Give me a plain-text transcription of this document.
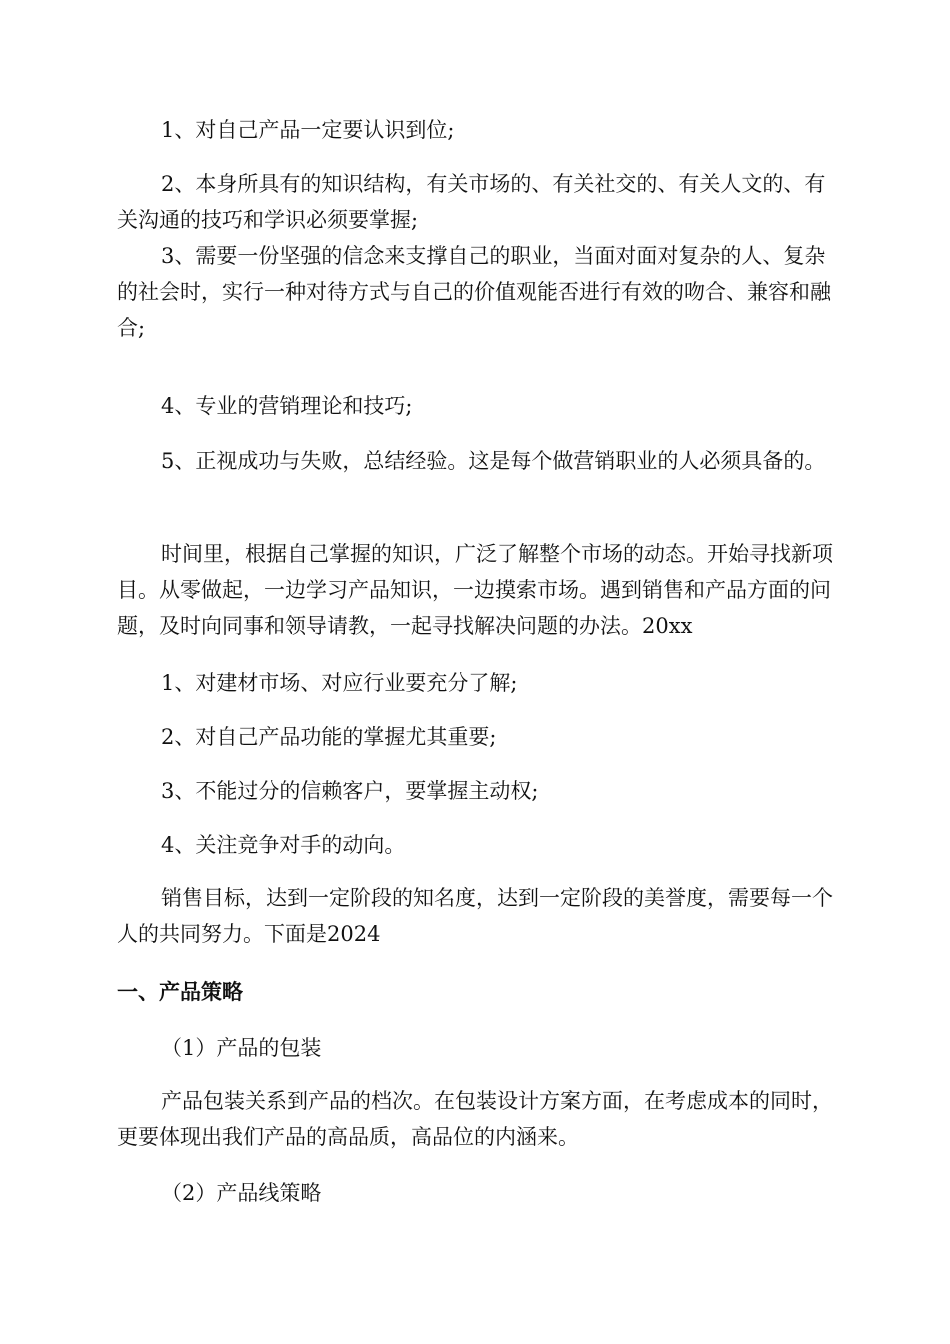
1、对自己产品一定要认识到位;

2、本身所具有的知识结构，有关市场的、有关社交的、有关人文的、有关沟通的技巧和学识必须要掌握;

3、需要一份坚强的信念来支撑自己的职业，当面对面对复杂的人、复杂的社会时，实行一种对待方式与自己的价值观能否进行有效的吻合、兼容和融合;

4、专业的营销理论和技巧;

5、正视成功与失败，总结经验。这是每个做营销职业的人必须具备的。

时间里，根据自己掌握的知识，广泛了解整个市场的动态。开始寻找新项目。从零做起，一边学习产品知识，一边摸索市场。遇到销售和产品方面的问题，及时向同事和领导请教，一起寻找解决问题的办法。20xx

1、对建材市场、对应行业要充分了解;

2、对自己产品功能的掌握尤其重要;

3、不能过分的信赖客户，要掌握主动权;

4、关注竞争对手的动向。

销售目标，达到一定阶段的知名度，达到一定阶段的美誉度，需要每一个人的共同努力。下面是2024

一、产品策略

（1）产品的包装

产品包装关系到产品的档次。在包装设计方案方面，在考虑成本的同时，更要体现出我们产品的高品质，高品位的内涵来。

（2）产品线策略
